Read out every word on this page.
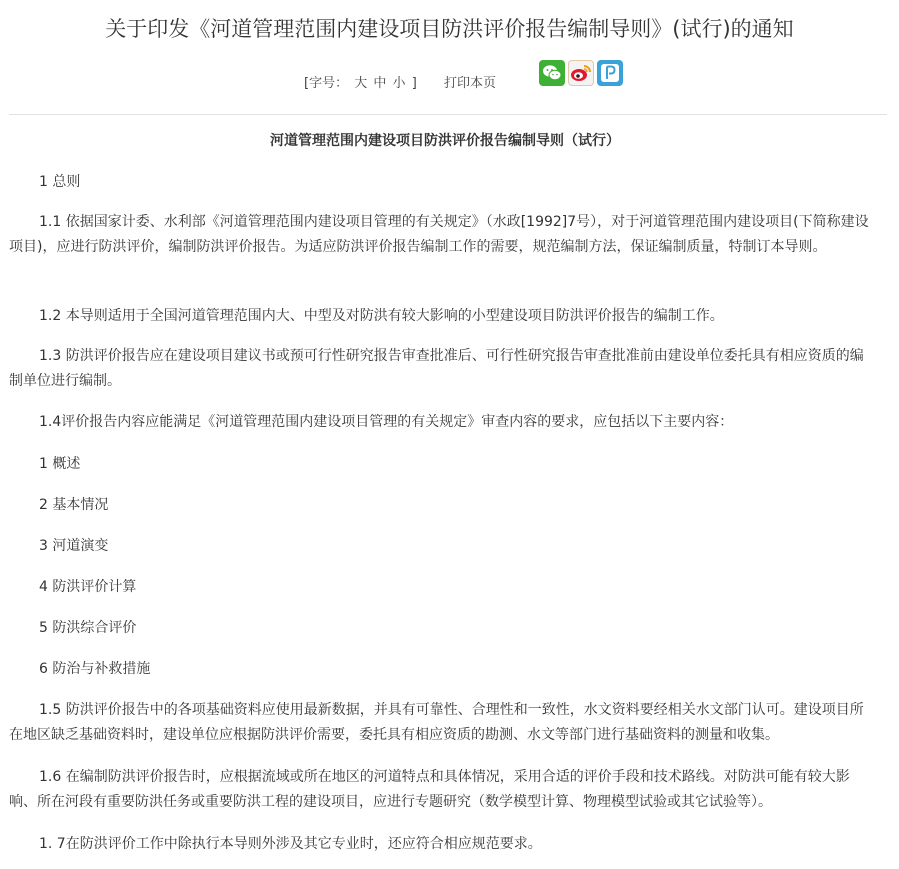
关于印发《河道管理范围内建设项目防洪评价报告编制导则》(试行)的通知
[字号： 大 中 小 ] 打印本页
河道管理范围内建设项目防洪评价报告编制导则（试行）
1 总则
1.1 依据国家计委、水利部《河道管理范围内建设项目管理的有关规定》（水政[1992]7号），对于河道管理范围内建设项目(下简称建设项目)，应进行防洪评价，编制防洪评价报告。为适应防洪评价报告编制工作的需要，规范编制方法，保证编制质量，特制订本导则。
1.2 本导则适用于全国河道管理范围内大、中型及对防洪有较大影响的小型建设项目防洪评价报告的编制工作。
1.3 防洪评价报告应在建设项目建议书或预可行性研究报告审查批准后、可行性研究报告审查批准前由建设单位委托具有相应资质的编制单位进行编制。
1.4评价报告内容应能满足《河道管理范围内建设项目管理的有关规定》审查内容的要求，应包括以下主要内容：
1 概述
2 基本情况
3 河道演变
4 防洪评价计算
5 防洪综合评价
6 防治与补救措施
1.5 防洪评价报告中的各项基础资料应使用最新数据，并具有可靠性、合理性和一致性，水文资料要经相关水文部门认可。建设项目所在地区缺乏基础资料时，建设单位应根据防洪评价需要，委托具有相应资质的勘测、水文等部门进行基础资料的测量和收集。
1.6 在编制防洪评价报告时，应根据流域或所在地区的河道特点和具体情况，采用合适的评价手段和技术路线。对防洪可能有较大影响、所在河段有重要防洪任务或重要防洪工程的建设项目，应进行专题研究（数学模型计算、物理模型试验或其它试验等）。
1. 7在防洪评价工作中除执行本导则外涉及其它专业时，还应符合相应规范要求。
